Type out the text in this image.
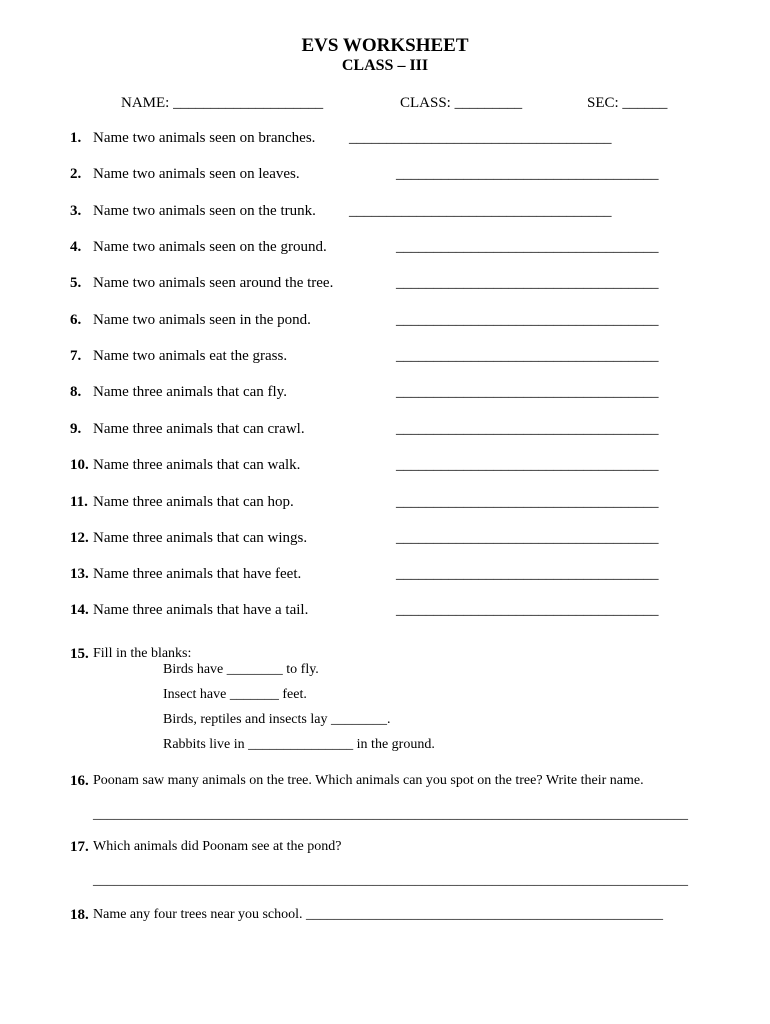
EVS WORKSHEET
CLASS – III
NAME: ____________________	CLASS: _________	SEC: ______
1. Name two animals seen on branches. ___________________________________
2. Name two animals seen on leaves.	___________________________________
3. Name two animals seen on the trunk. ___________________________________
4. Name two animals seen on the ground.	___________________________________
5. Name two animals seen around the tree.	___________________________________
6. Name two animals seen in the pond.	___________________________________
7. Name two animals eat the grass.	___________________________________
8. Name three animals that can fly.	___________________________________
9. Name three animals that can crawl.	___________________________________
10. Name three animals that can walk.	___________________________________
11. Name three animals that can hop.	___________________________________
12. Name three animals that can wings.	___________________________________
13. Name three animals that have feet.	___________________________________
14. Name three animals that have a tail.	___________________________________
15. Fill in the blanks:
Birds have ________ to fly.
Insect have _______ feet.
Birds, reptiles and insects lay ________.
Rabbits live in _______________ in the ground.
16. Poonam saw many animals on the tree. Which animals can you spot on the tree? Write their name.
_____________________________________________________________________________________
17. Which animals did Poonam see at the pond?
_____________________________________________________________________________________
18. Name any four trees near you school. ___________________________________________________
